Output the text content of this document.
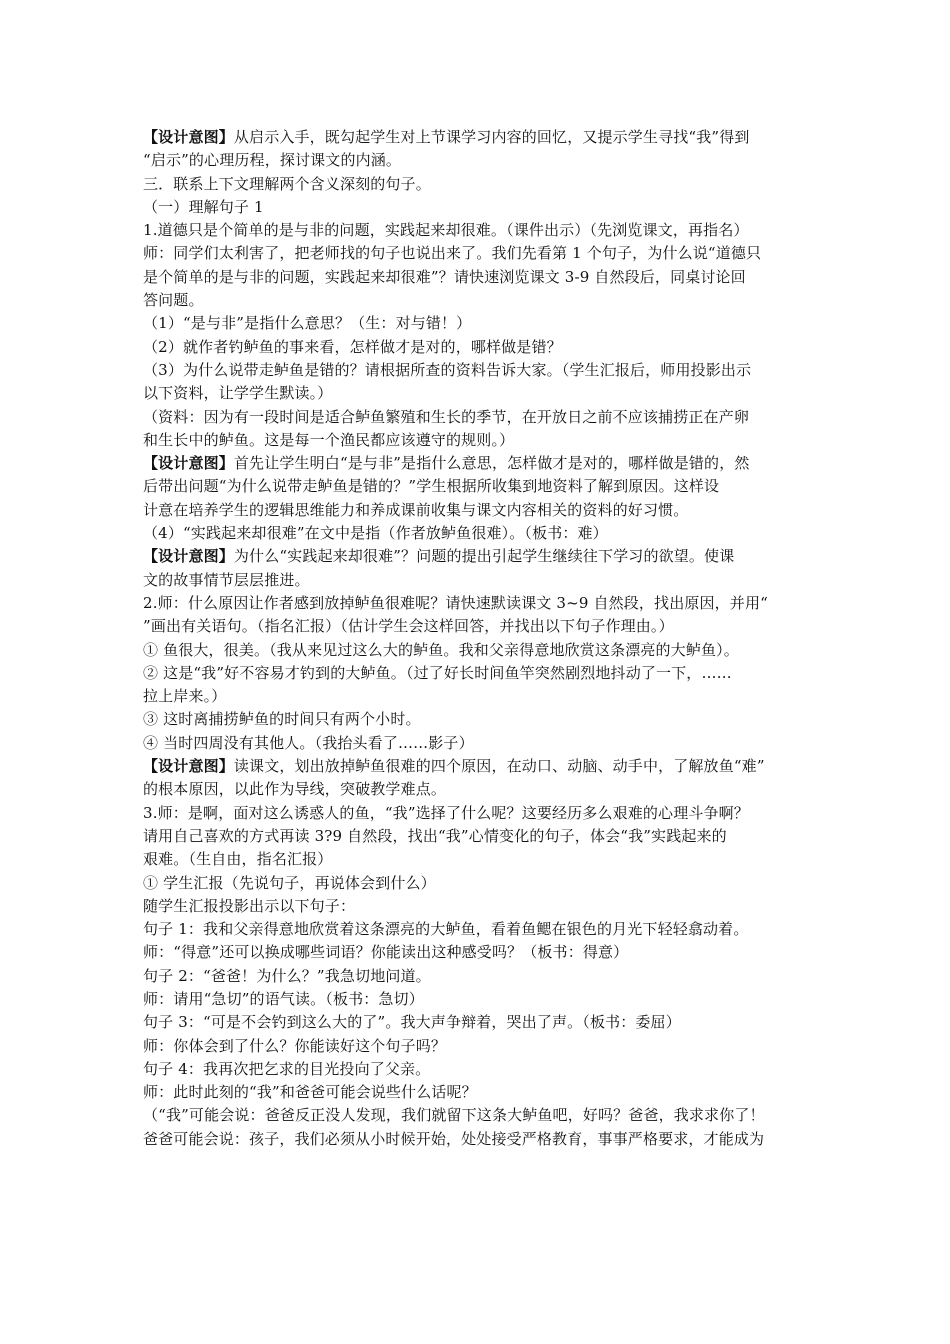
【设计意图】从启示入手，既勾起学生对上节课学习内容的回忆，又提示学生寻找“我”得到
“启示”的心理历程，探讨课文的内涵。
三．联系上下文理解两个含义深刻的句子。
（一）理解句子 1
1.道德只是个简单的是与非的问题，实践起来却很难。（课件出示）（先浏览课文，再指名）
师：同学们太利害了，把老师找的句子也说出来了。我们先看第 1 个句子，为什么说“道德只
是个简单的是与非的问题，实践起来却很难”？请快速浏览课文 3-9 自然段后，同桌讨论回
答问题。
（1）“是与非”是指什么意思？（生：对与错！）
（2）就作者钓鲈鱼的事来看，怎样做才是对的，哪样做是错？
（3）为什么说带走鲈鱼是错的？请根据所查的资料告诉大家。（学生汇报后，师用投影出示
以下资料，让学学生默读。）
（资料：因为有一段时间是适合鲈鱼繁殖和生长的季节，在开放日之前不应该捕捞正在产卵
和生长中的鲈鱼。这是每一个渔民都应该遵守的规则。）
【设计意图】首先让学生明白“是与非”是指什么意思，怎样做才是对的，哪样做是错的，然
后带出问题“为什么说带走鲈鱼是错的？”学生根据所收集到地资料了解到原因。这样设
计意在培养学生的逻辑思维能力和养成课前收集与课文内容相关的资料的好习惯。
（4）“实践起来却很难”在文中是指（作者放鲈鱼很难）。（板书：难）
【设计意图】为什么“实践起来却很难”？问题的提出引起学生继续往下学习的欲望。使课
文的故事情节层层推进。
2.师：什么原因让作者感到放掉鲈鱼很难呢？请快速默读课文 3~9 自然段，找出原因，并用“
”画出有关语句。（指名汇报）（估计学生会这样回答，并找出以下句子作理由。）
① 鱼很大，很美。（我从来见过这么大的鲈鱼。我和父亲得意地欣赏这条漂亮的大鲈鱼）。
② 这是“我”好不容易才钓到的大鲈鱼。（过了好长时间鱼竿突然剧烈地抖动了一下，……
拉上岸来。）
③ 这时离捕捞鲈鱼的时间只有两个小时。
④ 当时四周没有其他人。（我抬头看了……影子）
【设计意图】读课文，划出放掉鲈鱼很难的四个原因，在动口、动脑、动手中，了解放鱼“难”
的根本原因，以此作为导线，突破教学难点。
3.师：是啊，面对这么诱惑人的鱼，“我”选择了什么呢？这要经历多么艰难的心理斗争啊？
请用自己喜欢的方式再读 3?9 自然段，找出“我”心情变化的句子，体会“我”实践起来的
艰难。（生自由，指名汇报）
① 学生汇报（先说句子，再说体会到什么）
随学生汇报投影出示以下句子：
句子 1：我和父亲得意地欣赏着这条漂亮的大鲈鱼，看着鱼鳃在银色的月光下轻轻翕动着。
师：“得意”还可以换成哪些词语？你能读出这种感受吗？（板书：得意）
句子 2：“爸爸！为什么？”我急切地问道。
师：请用“急切”的语气读。（板书：急切）
句子 3：“可是不会钓到这么大的了”。我大声争辩着，哭出了声。（板书：委屈）
师：你体会到了什么？你能读好这个句子吗？
句子 4：我再次把乞求的目光投向了父亲。
师：此时此刻的“我”和爸爸可能会说些什么话呢？
（“我”可能会说：爸爸反正没人发现，我们就留下这条大鲈鱼吧，好吗？爸爸，我求求你了！
爸爸可能会说：孩子，我们必须从小时候开始，处处接受严格教育，事事严格要求，才能成为
